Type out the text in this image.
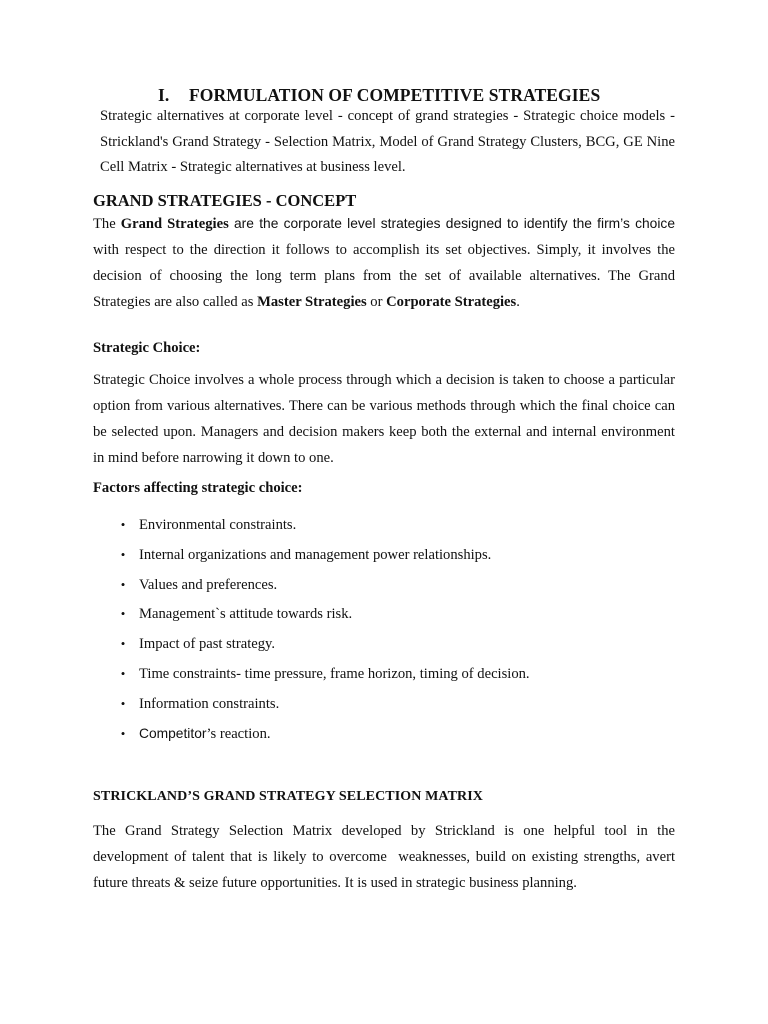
I. FORMULATION OF COMPETITIVE STRATEGIES
Strategic alternatives at corporate level - concept of grand strategies - Strategic choice models - Strickland's Grand Strategy - Selection Matrix, Model of Grand Strategy Clusters, BCG, GE Nine Cell Matrix - Strategic alternatives at business level.
GRAND STRATEGIES - CONCEPT
The Grand Strategies are the corporate level strategies designed to identify the firm’s choice with respect to the direction it follows to accomplish its set objectives. Simply, it involves the decision of choosing the long term plans from the set of available alternatives. The Grand Strategies are also called as Master Strategies or Corporate Strategies.
Strategic Choice:
Strategic Choice involves a whole process through which a decision is taken to choose a particular option from various alternatives. There can be various methods through which the final choice can be selected upon. Managers and decision makers keep both the external and internal environment in mind before narrowing it down to one.
Factors affecting strategic choice:
• Environmental constraints.
• Internal organizations and management power relationships.
• Values and preferences.
• Management`s attitude towards risk.
• Impact of past strategy.
• Time constraints- time pressure, frame horizon, timing of decision.
• Information constraints.
• Competitor’s reaction.
STRICKLAND’S GRAND STRATEGY SELECTION MATRIX
The Grand Strategy Selection Matrix developed by Strickland is one helpful tool in the development of talent that is likely to overcome  weaknesses, build on existing strengths, avert future threats & seize future opportunities. It is used in strategic business planning.
